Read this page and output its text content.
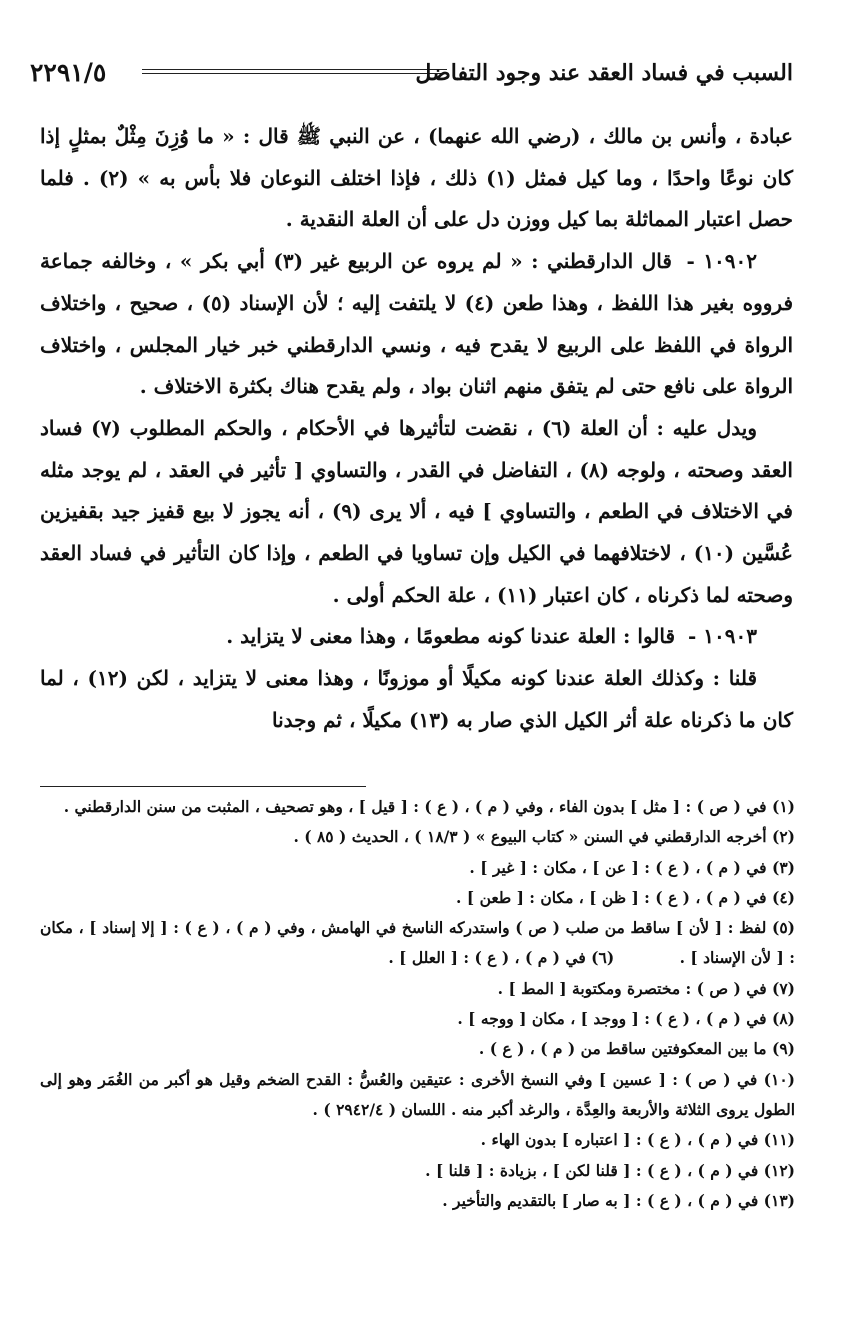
٢٢٩١/٥	السبب في فساد العقد عند وجود التفاضل

عبادة ، وأنس بن مالك ، (رضي الله عنهما) ، عن النبي ﷺ قال : « ما وُزِنَ مِثْلٌ بمثلٍ إذا كان نوعًا واحدًا ، وما كيل فمثل (١) ذلك ، فإذا اختلف النوعان فلا بأس به » (٢) . فلما حصل اعتبار المماثلة بما كيل ووزن دل على أن العلة النقدية .

١٠٩٠٢ - قال الدارقطني : « لم يروه عن الربيع غير (٣) أبي بكر » ، وخالفه جماعة فرووه بغير هذا اللفظ ، وهذا طعن (٤) لا يلتفت إليه ؛ لأن الإسناد (٥) ، صحيح ، واختلاف الرواة في اللفظ على الربيع لا يقدح فيه ، ونسي الدارقطني خبر خيار المجلس ، واختلاف الرواة على نافع حتى لم يتفق منهم اثنان بواد ، ولم يقدح هناك بكثرة الاختلاف .

ويدل عليه : أن العلة (٦) ، نقضت لتأثيرها في الأحكام ، والحكم المطلوب (٧) فساد العقد وصحته ، ولوجه (٨) ، التفاضل في القدر ، والتساوي [ تأثير في العقد ، لم يوجد مثله في الاختلاف في الطعم ، والتساوي ] فيه ، ألا يرى (٩) ، أنه يجوز لا بيع قفيز جيد بقفيزين عُسَّين (١٠) ، لاختلافهما في الكيل وإن تساويا في الطعم ، وإذا كان التأثير في فساد العقد وصحته لما ذكرناه ، كان اعتبار (١١) ، علة الحكم أولى .

١٠٩٠٣ - قالوا : العلة عندنا كونه مطعومًا ، وهذا معنى لا يتزايد .

قلنا : وكذلك العلة عندنا كونه مكيلًا أو موزونًا ، وهذا معنى لا يتزايد ، لكن (١٢) ، لما كان ما ذكرناه علة أثر الكيل الذي صار به (١٣) مكيلًا ، ثم وجدنا

(١) في ( ص ) : [ مثل ] بدون الفاء ، وفي ( م ) ، ( ع ) : [ قيل ] ، وهو تصحيف ، المثبت من سنن الدارقطني .

(٢) أخرجه الدارقطني في السنن « كتاب البيوع » ( ١٨/٣ ) ، الحديث ( ٨٥ ) .

(٣) في ( م ) ، ( ع ) : [ عن ] ، مكان : [ غير ] .

(٤) في ( م ) ، ( ع ) : [ ظن ] ، مكان : [ طعن ] .

(٥) لفظ : [ لأن ] ساقط من صلب ( ص ) واستدركه الناسخ في الهامش ، وفي ( م ) ، ( ع ) : [ إلا إسناد ] ، مكان : [ لأن الإسناد ] . (٦) في ( م ) ، ( ع ) : [ العلل ] .

(٧) في ( ص ) : مختصرة ومكتوبة [ المط ] .

(٨) في ( م ) ، ( ع ) : [ ووجد ] ، مكان [ ووجه ] .

(٩) ما بين المعكوفتين ساقط من ( م ) ، ( ع ) .

(١٠) في ( ص ) : [ عسين ] وفي النسخ الأخرى : عتيقين والعُسُّ : القدح الضخم وقيل هو أكبر من الغُمَر وهو إلى الطول يروى الثلاثة والأربعة والعِدَّة ، والرغد أكبر منه . اللسان ( ٢٩٤٢/٤ ) .

(١١) في ( م ) ، ( ع ) : [ اعتباره ] بدون الهاء .

(١٢) في ( م ) ، ( ع ) : [ قلنا لكن ] ، بزيادة : [ قلنا ] .

(١٣) في ( م ) ، ( ع ) : [ به صار ] بالتقديم والتأخير .
